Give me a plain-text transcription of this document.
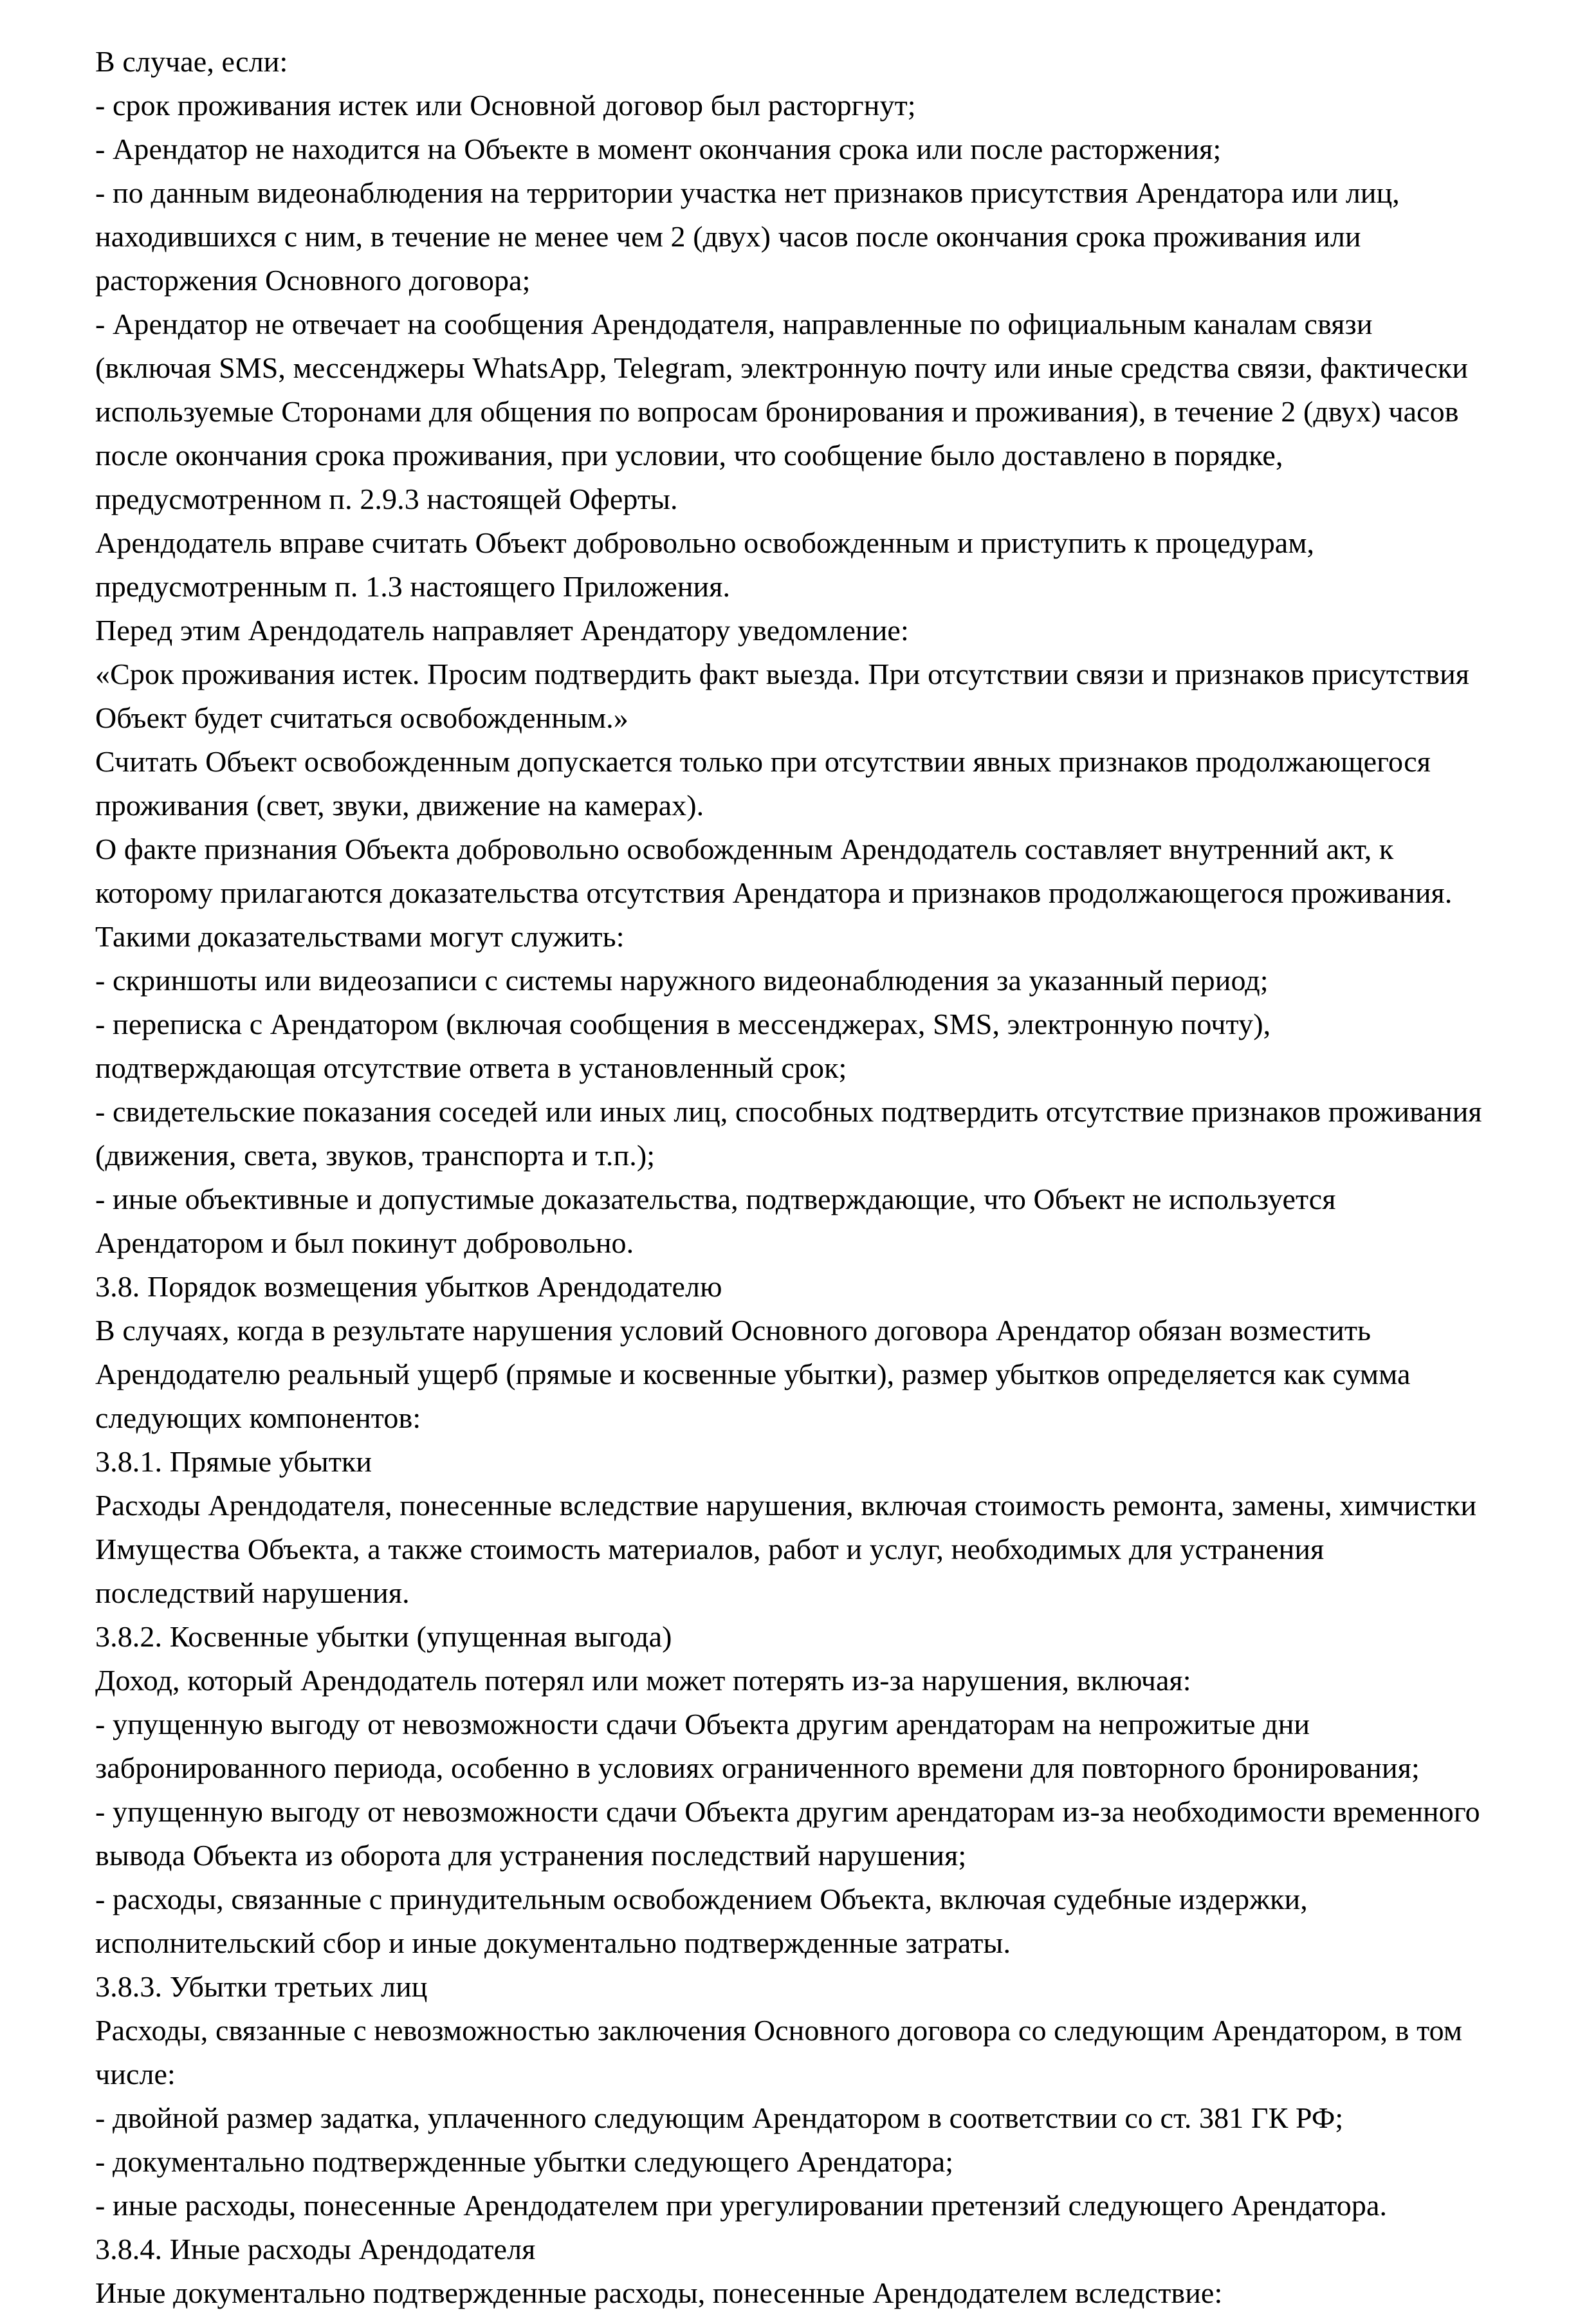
В случае, если:

- срок проживания истек или Основной договор был расторгнут;

- Арендатор не находится на Объекте в момент окончания срока или после расторжения;

- по данным видеонаблюдения на территории участка нет признаков присутствия Арендатора или лиц, находившихся с ним, в течение не менее чем 2 (двух) часов после окончания срока проживания или расторжения Основного договора;

- Арендатор не отвечает на сообщения Арендодателя, направленные по официальным каналам связи (включая SMS, мессенджеры WhatsApp, Telegram, электронную почту или иные средства связи, фактически используемые Сторонами для общения по вопросам бронирования и проживания), в течение 2 (двух) часов после окончания срока проживания, при условии, что сообщение было доставлено в порядке, предусмотренном п. 2.9.3 настоящей Оферты.

Арендодатель вправе считать Объект добровольно освобожденным и приступить к процедурам, предусмотренным п. 1.3 настоящего Приложения.

Перед этим Арендодатель направляет Арендатору уведомление:

«Срок проживания истек. Просим подтвердить факт выезда. При отсутствии связи и признаков присутствия Объект будет считаться освобожденным.»

Считать Объект освобожденным допускается только при отсутствии явных признаков продолжающегося проживания (свет, звуки, движение на камерах).

О факте признания Объекта добровольно освобожденным Арендодатель составляет внутренний акт, к которому прилагаются доказательства отсутствия Арендатора и признаков продолжающегося проживания. Такими доказательствами могут служить:

- скриншоты или видеозаписи с системы наружного видеонаблюдения за указанный период;

- переписка с Арендатором (включая сообщения в мессенджерах, SMS, электронную почту), подтверждающая отсутствие ответа в установленный срок;

- свидетельские показания соседей или иных лиц, способных подтвердить отсутствие признаков проживания (движения, света, звуков, транспорта и т.п.);

- иные объективные и допустимые доказательства, подтверждающие, что Объект не используется Арендатором и был покинут добровольно.

3.8. Порядок возмещения убытков Арендодателю

В случаях, когда в результате нарушения условий Основного договора Арендатор обязан возместить Арендодателю реальный ущерб (прямые и косвенные убытки), размер убытков определяется как сумма следующих компонентов:

3.8.1. Прямые убытки

Расходы Арендодателя, понесенные вследствие нарушения, включая стоимость ремонта, замены, химчистки Имущества Объекта, а также стоимость материалов, работ и услуг, необходимых для устранения последствий нарушения.

3.8.2. Косвенные убытки (упущенная выгода)

Доход, который Арендодатель потерял или может потерять из-за нарушения, включая:

- упущенную выгоду от невозможности сдачи Объекта другим арендаторам на непрожитые дни забронированного периода, особенно в условиях ограниченного времени для повторного бронирования;

- упущенную выгоду от невозможности сдачи Объекта другим арендаторам из-за необходимости временного вывода Объекта из оборота для устранения последствий нарушения;

- расходы, связанные с принудительным освобождением Объекта, включая судебные издержки, исполнительский сбор и иные документально подтвержденные затраты.

3.8.3. Убытки третьих лиц

Расходы, связанные с невозможностью заключения Основного договора со следующим Арендатором, в том числе:

- двойной размер задатка, уплаченного следующим Арендатором в соответствии со ст. 381 ГК РФ;

- документально подтвержденные убытки следующего Арендатора;

- иные расходы, понесенные Арендодателем при урегулировании претензий следующего Арендатора.

3.8.4. Иные расходы Арендодателя

Иные документально подтвержденные расходы, понесенные Арендодателем вследствие:
